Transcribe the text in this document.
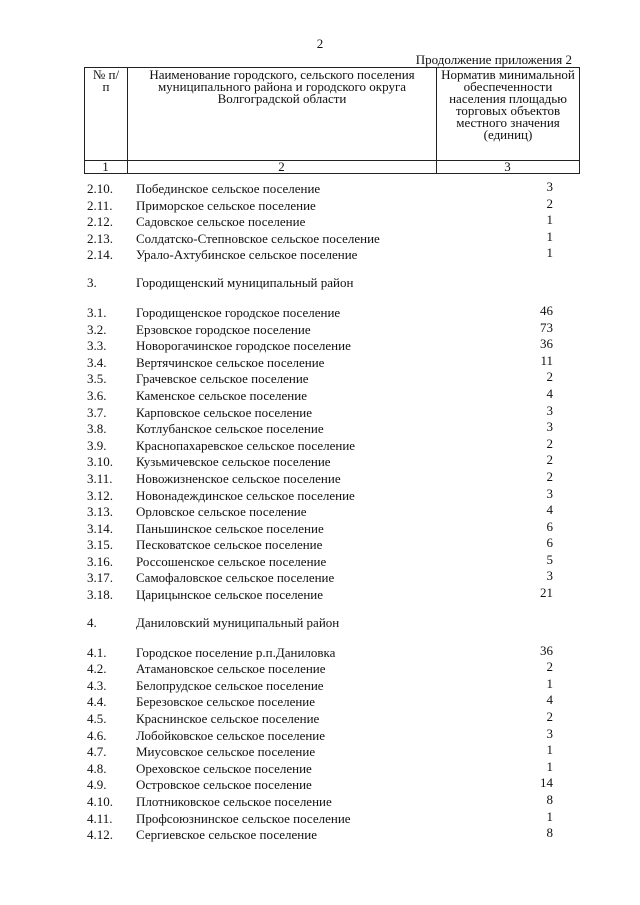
2
Продолжение приложения 2
№ п/п
Наименование городского, сельского поселения муниципального района и городского округа Волгоградской области
Норматив минимальной обеспеченности населения площадью торговых объектов местного значения (единиц)
1	2	3
2.10. Побединское сельское поселение	3
2.11. Приморское сельское поселение	2
2.12. Садовское сельское поселение	1
2.13. Солдатско-Степновское сельское поселение	1
2.14. Урало-Ахтубинское сельское поселение	1
3.	Городищенский муниципальный район
3.1. Городищенское городское поселение	46
3.2. Ерзовское городское поселение	73
3.3. Новорогачинское городское поселение	36
3.4. Вертячинское сельское поселение	11
3.5. Грачевское сельское поселение	2
3.6. Каменское сельское поселение	4
3.7. Карповское сельское поселение	3
3.8. Котлубанское сельское поселение	3
3.9. Краснопахаревское сельское поселение	2
3.10. Кузьмичевское сельское поселение	2
3.11. Новожизненское сельское поселение	2
3.12. Новонадеждинское сельское поселение	3
3.13. Орловское сельское поселение	4
3.14. Паньшинское сельское поселение	6
3.15. Песковатское сельское поселение	6
3.16. Россошенское сельское поселение	5
3.17. Самофаловское сельское поселение	3
3.18. Царицынское сельское поселение	21
4.	Даниловский муниципальный район
4.1. Городское поселение р.п.Даниловка	36
4.2. Атамановское сельское поселение	2
4.3. Белопрудское сельское поселение	1
4.4. Березовское сельское поселение	4
4.5. Краснинское сельское поселение	2
4.6. Лобойковское сельское поселение	3
4.7. Миусовское сельское поселение	1
4.8. Ореховское сельское поселение	1
4.9. Островское сельское поселение	14
4.10. Плотниковское сельское поселение	8
4.11. Профсоюзнинское сельское поселение	1
4.12. Сергиевское сельское поселение	8
